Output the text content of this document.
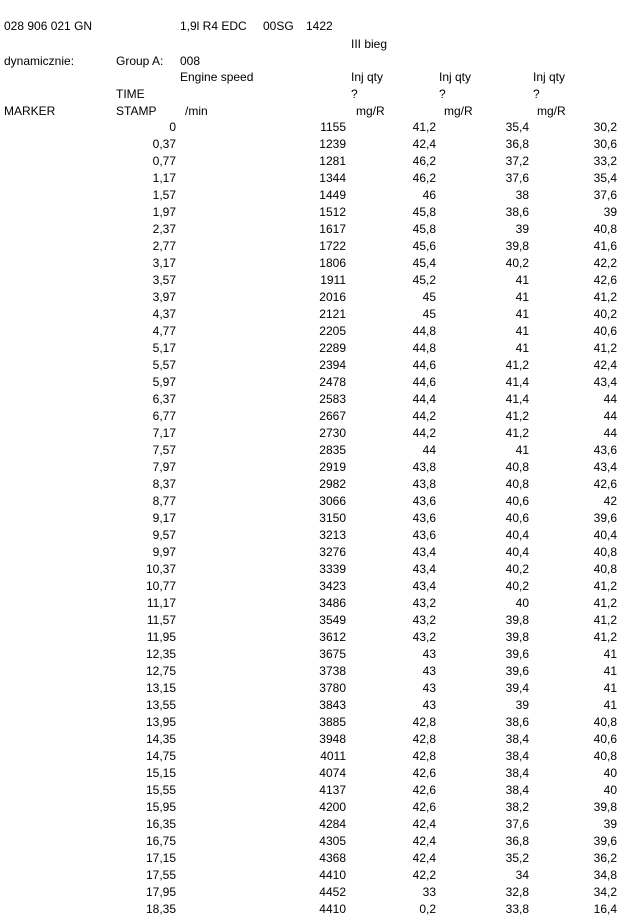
028 906 021 GN	1,9l R4 EDC 00SG 1422
III bieg
dynamicznie:	Group A: 008
Engine speed	Inj qty	Inj qty	Inj qty
TIME	?	?	?
MARKER	STAMP /min	mg/R	mg/R	mg/R
0	1155	41,2	35,4	30,2
0,37	1239	42,4	36,8	30,6
0,77	1281	46,2	37,2	33,2
1,17	1344	46,2	37,6	35,4
1,57	1449	46	38	37,6
1,97	1512	45,8	38,6	39
2,37	1617	45,8	39	40,8
2,77	1722	45,6	39,8	41,6
3,17	1806	45,4	40,2	42,2
3,57	1911	45,2	41	42,6
3,97	2016	45	41	41,2
4,37	2121	45	41	40,2
4,77	2205	44,8	41	40,6
5,17	2289	44,8	41	41,2
5,57	2394	44,6	41,2	42,4
5,97	2478	44,6	41,4	43,4
6,37	2583	44,4	41,4	44
6,77	2667	44,2	41,2	44
7,17	2730	44,2	41,2	44
7,57	2835	44	41	43,6
7,97	2919	43,8	40,8	43,4
8,37	2982	43,8	40,8	42,6
8,77	3066	43,6	40,6	42
9,17	3150	43,6	40,6	39,6
9,57	3213	43,6	40,4	40,4
9,97	3276	43,4	40,4	40,8
10,37	3339	43,4	40,2	40,8
10,77	3423	43,4	40,2	41,2
11,17	3486	43,2	40	41,2
11,57	3549	43,2	39,8	41,2
11,95	3612	43,2	39,8	41,2
12,35	3675	43	39,6	41
12,75	3738	43	39,6	41
13,15	3780	43	39,4	41
13,55	3843	43	39	41
13,95	3885	42,8	38,6	40,8
14,35	3948	42,8	38,4	40,6
14,75	4011	42,8	38,4	40,8
15,15	4074	42,6	38,4	40
15,55	4137	42,6	38,4	40
15,95	4200	42,6	38,2	39,8
16,35	4284	42,4	37,6	39
16,75	4305	42,4	36,8	39,6
17,15	4368	42,4	35,2	36,2
17,55	4410	42,2	34	34,8
17,95	4452	33	32,8	34,2
18,35	4410	0,2	33,8	16,4
